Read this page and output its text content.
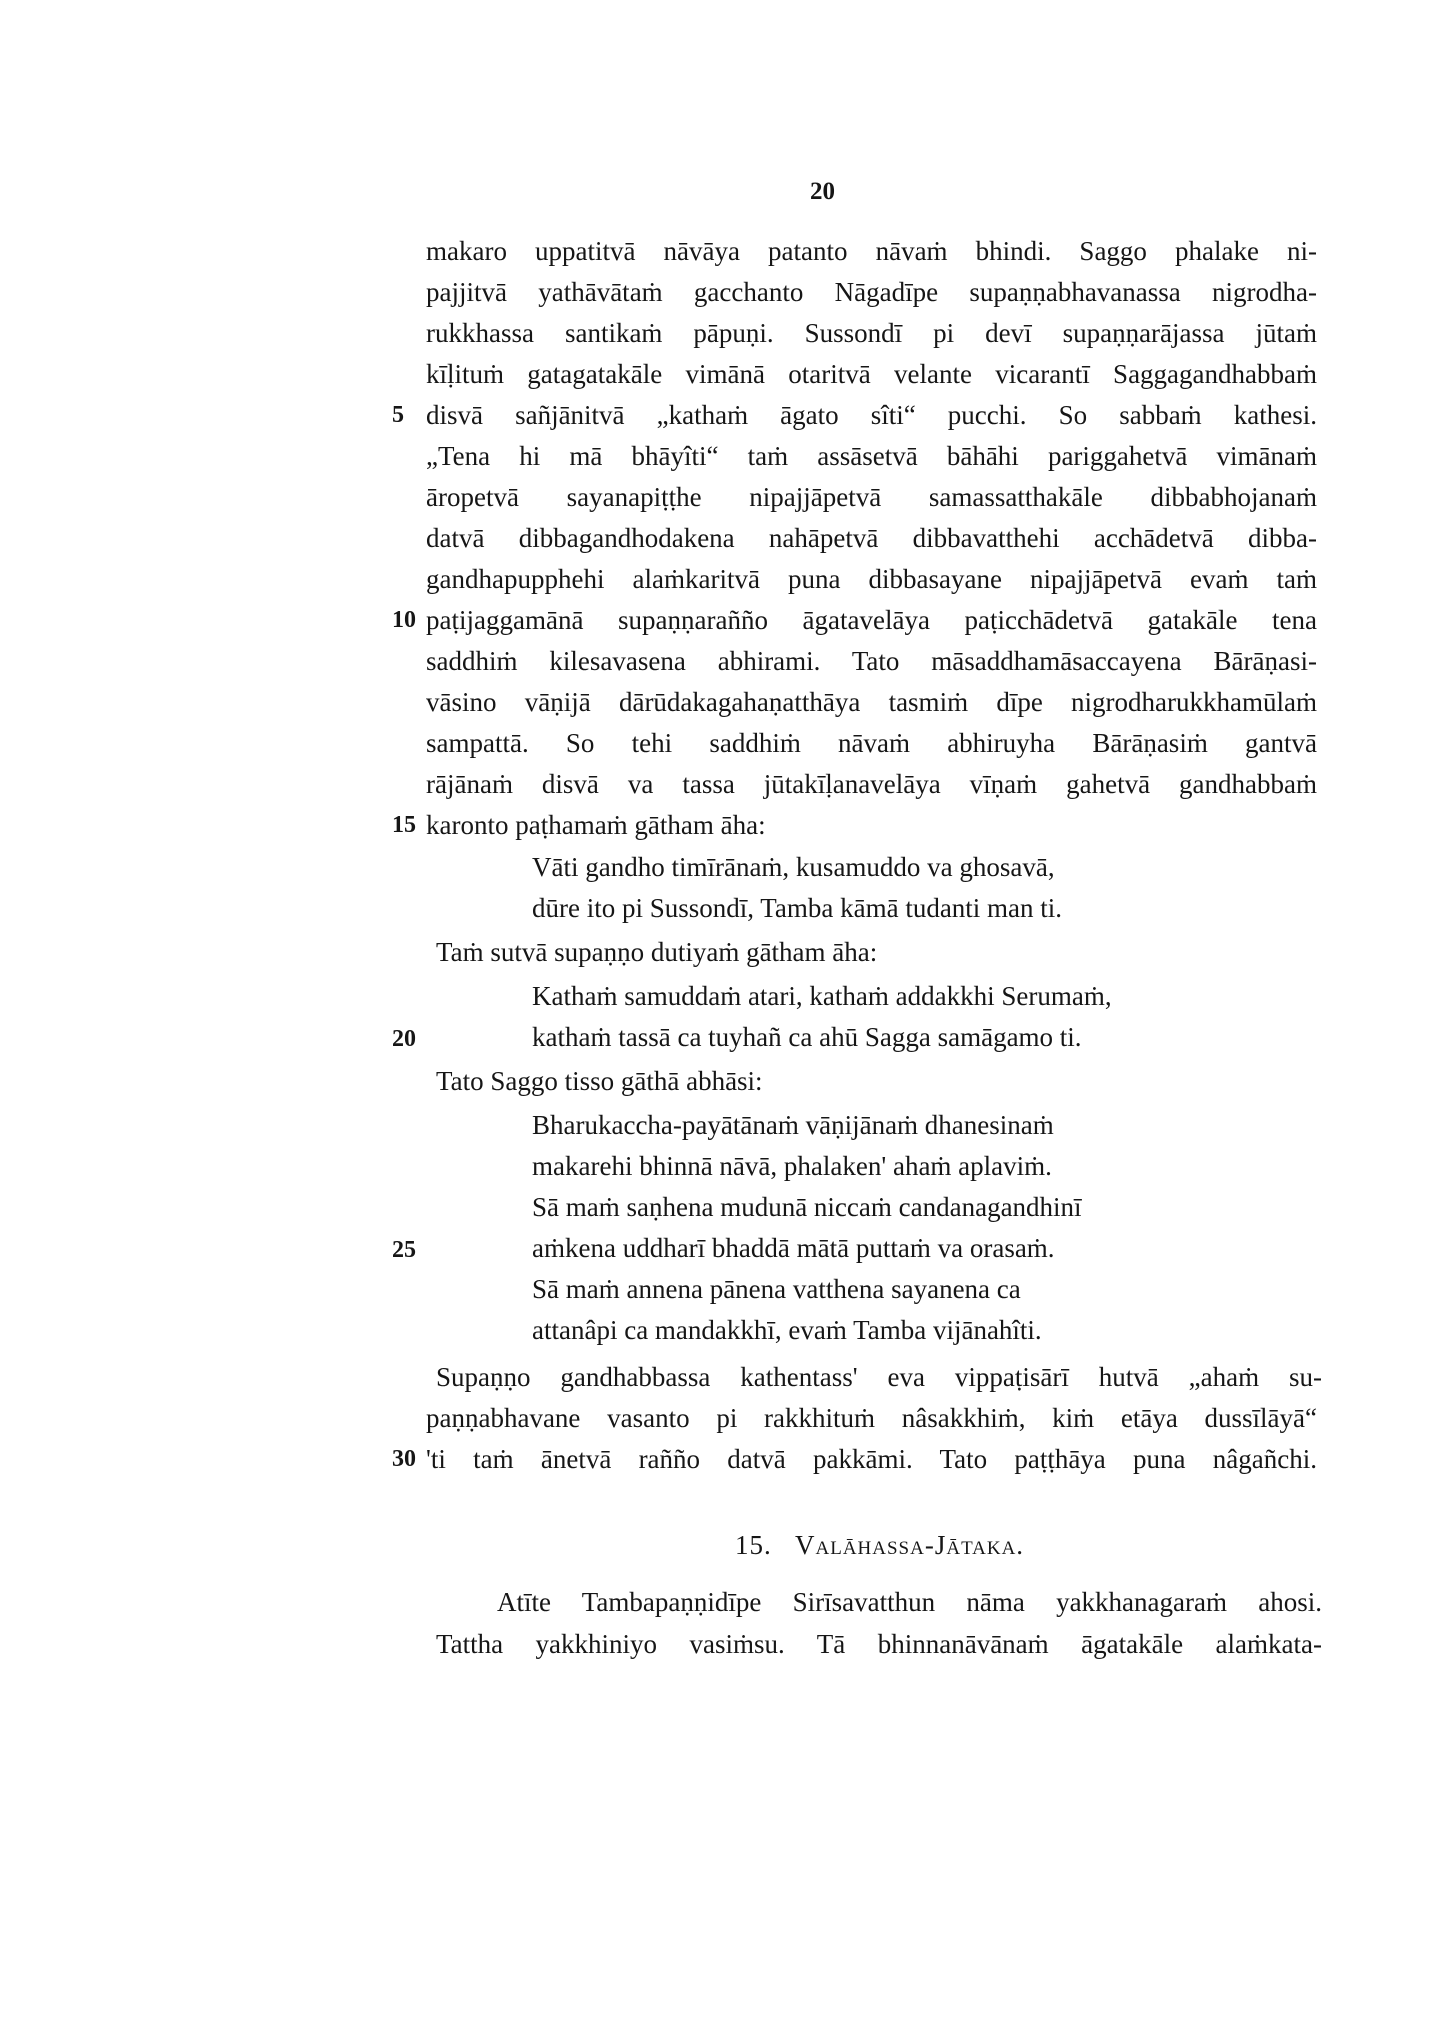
20
makaro uppatitvā nāvāya patanto nāvaṁ bhindi. Saggo phalake ni-
pajjitvā yathāvātaṁ gacchanto Nāgadīpe supaṇṇabhavanassa nigrodha-
rukkhassa santikaṁ pāpuṇi. Sussondī pi devī supaṇṇarājassa jūtaṁ
kīḷituṁ gatagatakāle vimānā otaritvā velante vicarantī Saggagandhabbaṁ
disvā sañjānitvā „kathaṁ āgato sîti“ pucchi. So sabbaṁ kathesi.
„Tena hi mā bhāyîti“ taṁ assāsetvā bāhāhi pariggahetvā vimānaṁ
āropetvā sayanapiṭṭhe nipajjāpetvā samassatthakāle dibbabhojanaṁ
datvā dibbagandhodakena nahāpetvā dibbavatthehi acchādetvā dibba-
gandhapupphehi alaṁkaritvā puna dibbasayane nipajjāpetvā evaṁ taṁ
paṭijaggamānā supaṇṇarañño āgatavelāya paṭicchādetvā gatakāle tena
saddhiṁ kilesavasena abhirami. Tato māsaddhamāsaccayena Bārāṇasi-
vāsino vāṇijā dārūdakagahaṇatthāya tasmiṁ dīpe nigrodharukkhamūlaṁ
sampattā. So tehi saddhiṁ nāvaṁ abhiruyha Bārāṇasiṁ gantvā
rājānaṁ disvā va tassa jūtakīḷanavelāya vīṇaṁ gahetvā gandhabbaṁ
karonto paṭhamaṁ gātham āha:
Vāti gandho timīrānaṁ, kusamuddo va ghosavā,
dūre ito pi Sussondī, Tamba kāmā tudanti man ti.
Taṁ sutvā supaṇṇo dutiyaṁ gātham āha:
Kathaṁ samuddaṁ atari, kathaṁ addakkhi Serumaṁ,
kathaṁ tassā ca tuyhañ ca ahū Sagga samāgamo ti.
Tato Saggo tisso gāthā abhāsi:
Bharukaccha-payātānaṁ vāṇijānaṁ dhanesinaṁ
makarehi bhinnā nāvā, phalaken' ahaṁ aplaviṁ.
Sā maṁ saṇhena mudunā niccaṁ candanagandhinī
aṁkena uddharī bhaddā mātā puttaṁ va orasaṁ.
Sā maṁ annena pānena vatthena sayanena ca
attanâpi ca mandakkhī, evaṁ Tamba vijānahîti.
Supaṇṇo gandhabbassa kathentass' eva vippaṭisārī hutvā „ahaṁ su-
paṇṇabhavane vasanto pi rakkhituṁ nâsakkhiṁ, kiṁ etāya dussīlāyā“
'ti taṁ ānetvā rañño datvā pakkāmi. Tato paṭṭhāya puna nâgañchi.
5
10
15
20
25
30
15. Valāhassa-Jātaka.
Atīte Tambapaṇṇidīpe Sirīsavatthun nāma yakkhanagaraṁ ahosi.
Tattha yakkhiniyo vasiṁsu. Tā bhinnanāvānaṁ āgatakāle alaṁkata-
